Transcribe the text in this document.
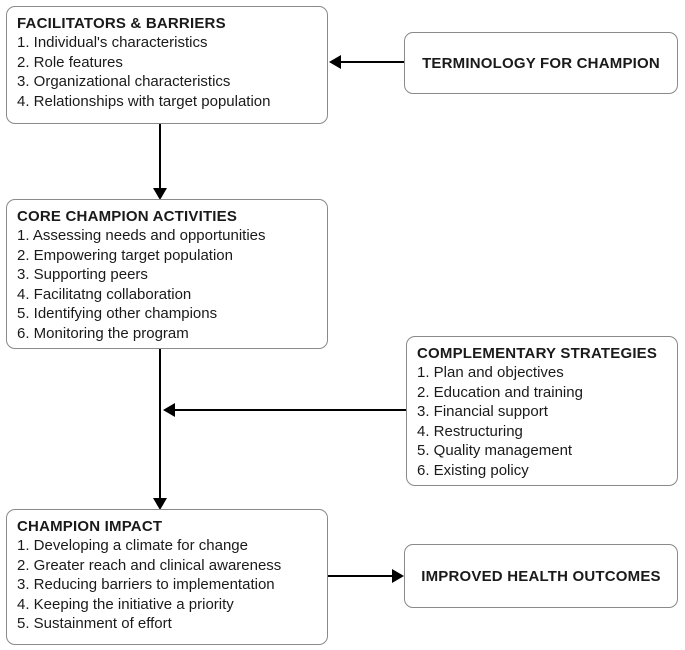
FACILITATORS & BARRIERS
1. Individual's characteristics
2. Role features
3. Organizational characteristics
4. Relationships with target population
TERMINOLOGY FOR CHAMPION
CORE CHAMPION ACTIVITIES
1. Assessing needs and opportunities
2. Empowering target population
3. Supporting peers
4. Facilitatng collaboration
5. Identifying other champions
6. Monitoring the program
COMPLEMENTARY STRATEGIES
1. Plan and objectives
2. Education and training
3. Financial support
4. Restructuring
5. Quality management
6. Existing policy
CHAMPION IMPACT
1. Developing a climate for change
2. Greater reach and clinical awareness
3. Reducing barriers to implementation
4. Keeping the initiative a priority
5. Sustainment of effort
IMPROVED HEALTH OUTCOMES
